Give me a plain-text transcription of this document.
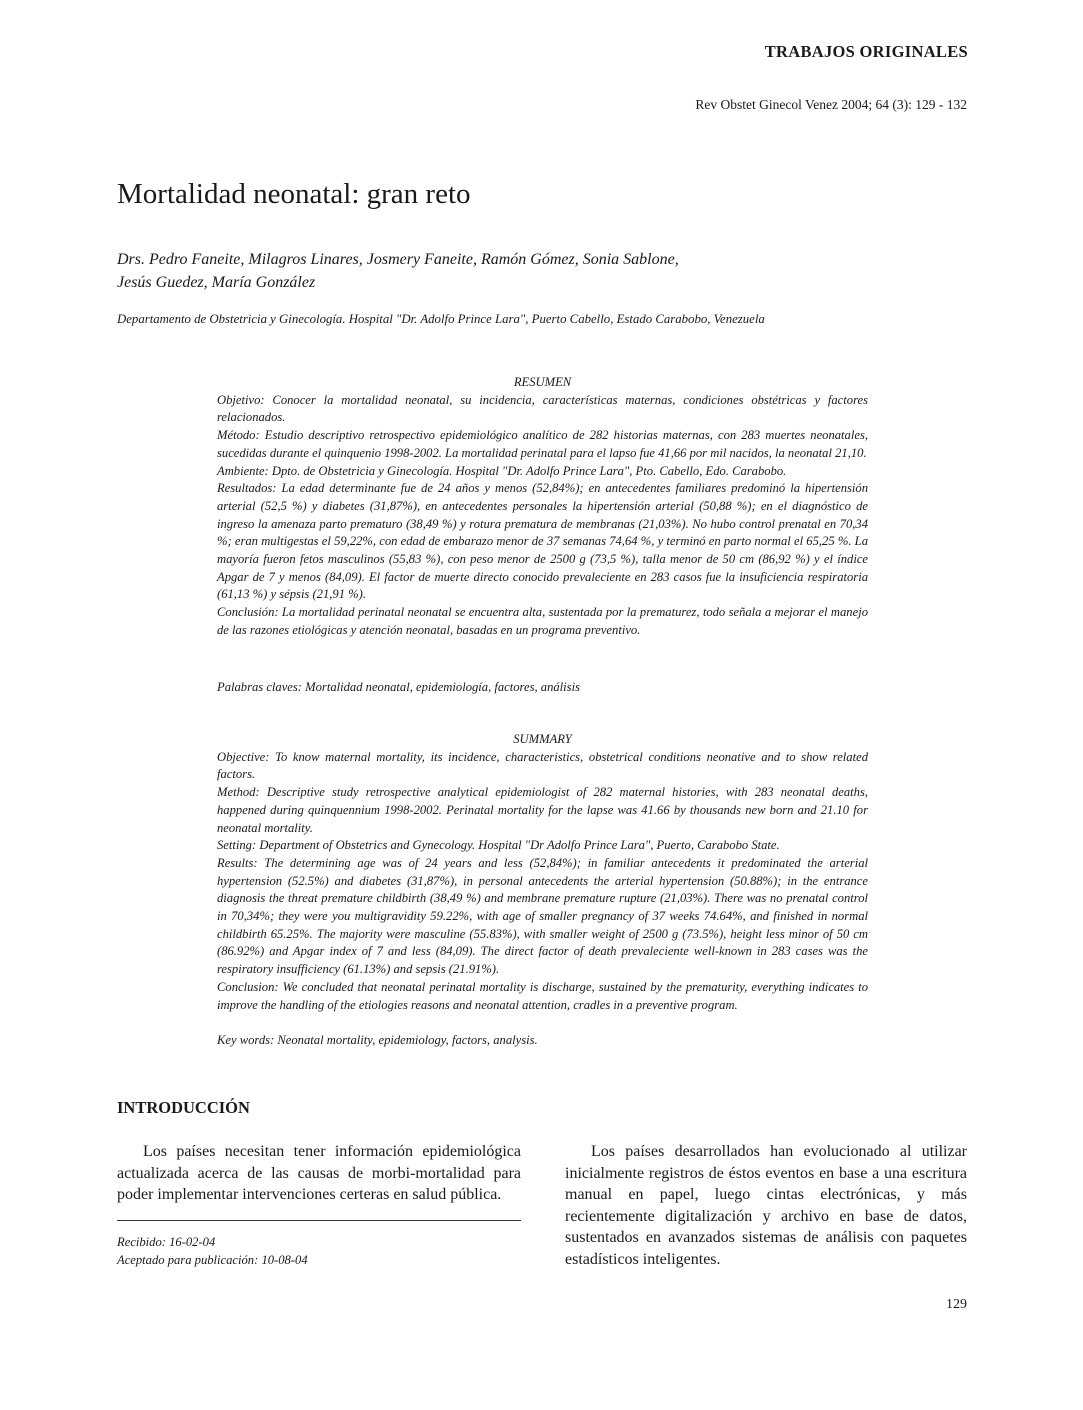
TRABAJOS ORIGINALES
Rev Obstet Ginecol Venez 2004; 64 (3): 129 - 132
Mortalidad neonatal: gran reto
Drs. Pedro Faneite, Milagros Linares, Josmery Faneite, Ramón Gómez, Sonia Sablone,
Jesús Guedez, María González
Departamento de Obstetricia y Ginecología. Hospital "Dr. Adolfo Prince Lara", Puerto Cabello, Estado Carabobo, Venezuela
RESUMEN

Objetivo: Conocer la mortalidad neonatal, su incidencia, características maternas, condiciones obstétricas y factores relacionados.

Método: Estudio descriptivo retrospectivo epidemiológico analítico de 282 historias maternas, con 283 muertes neonatales, sucedidas durante el quinquenio 1998-2002. La mortalidad perinatal para el lapso fue 41,66 por mil nacidos, la neonatal 21,10.

Ambiente: Dpto. de Obstetricia y Ginecología. Hospital "Dr. Adolfo Prince Lara", Pto. Cabello, Edo. Carabobo.

Resultados: La edad determinante fue de 24 años y menos (52,84%); en antecedentes familiares predominó la hipertensión arterial (52,5 %) y diabetes (31,87%), en antecedentes personales la hipertensión arterial (50,88 %); en el diagnóstico de ingreso la amenaza parto prematuro (38,49 %) y rotura prematura de membranas (21,03%). No hubo control prenatal en 70,34 %; eran multigestas el 59,22%, con edad de embarazo menor de 37 semanas 74,64 %, y terminó en parto normal el 65,25 %. La mayoría fueron fetos masculinos (55,83 %), con peso menor de 2500 g (73,5 %), talla menor de 50 cm (86,92 %) y el índice Apgar de 7 y menos (84,09). El factor de muerte directo conocido prevaleciente en 283 casos fue la insuficiencia respiratoria (61,13 %) y sépsis (21,91 %).

Conclusión: La mortalidad perinatal neonatal se encuentra alta, sustentada por la prematurez, todo señala a mejorar el manejo de las razones etiológicas y atención neonatal, basadas en un programa preventivo.

Palabras claves: Mortalidad neonatal, epidemiología, factores, análisis
SUMMARY

Objective: To know maternal mortality, its incidence, characteristics, obstetrical conditions neonative and to show related factors.

Method: Descriptive study retrospective analytical epidemiologist of 282 maternal histories, with 283 neonatal deaths, happened during quinquennium 1998-2002. Perinatal mortality for the lapse was 41.66 by thousands new born and 21.10 for neonatal mortality.

Setting: Department of Obstetrics and Gynecology. Hospital "Dr Adolfo Prince Lara", Puerto, Carabobo State.

Results: The determining age was of 24 years and less (52,84%); in familiar antecedents it predominated the arterial hypertension (52.5%) and diabetes (31,87%), in personal antecedents the arterial hypertension (50.88%); in the entrance diagnosis the threat premature childbirth (38,49 %) and membrane premature rupture (21,03%). There was no prenatal control in 70,34%; they were you multigravidity 59.22%, with age of smaller pregnancy of 37 weeks 74.64%, and finished in normal childbirth 65.25%. The majority were masculine (55.83%), with smaller weight of 2500 g (73.5%), height less minor of 50 cm (86.92%) and Apgar index of 7 and less (84,09). The direct factor of death prevaleciente well-known in 283 cases was the respiratory insufficiency (61.13%) and sepsis (21.91%).

Conclusion: We concluded that neonatal perinatal mortality is discharge, sustained by the prematurity, everything indicates to improve the handling of the etiologies reasons and neonatal attention, cradles in a preventive program.

Key words: Neonatal mortality, epidemiology, factors, analysis.
INTRODUCCIÓN
Los países necesitan tener información epidemiológica actualizada acerca de las causas de morbi-mortalidad para poder implementar intervenciones certeras en salud pública.
Los países desarrollados han evolucionado al utilizar inicialmente registros de éstos eventos en base a una escritura manual en papel, luego cintas electrónicas, y más recientemente digitalización y archivo en base de datos, sustentados en avanzados sistemas de análisis con paquetes estadísticos inteligentes.
Recibido: 16-02-04
Aceptado para publicación: 10-08-04
129
